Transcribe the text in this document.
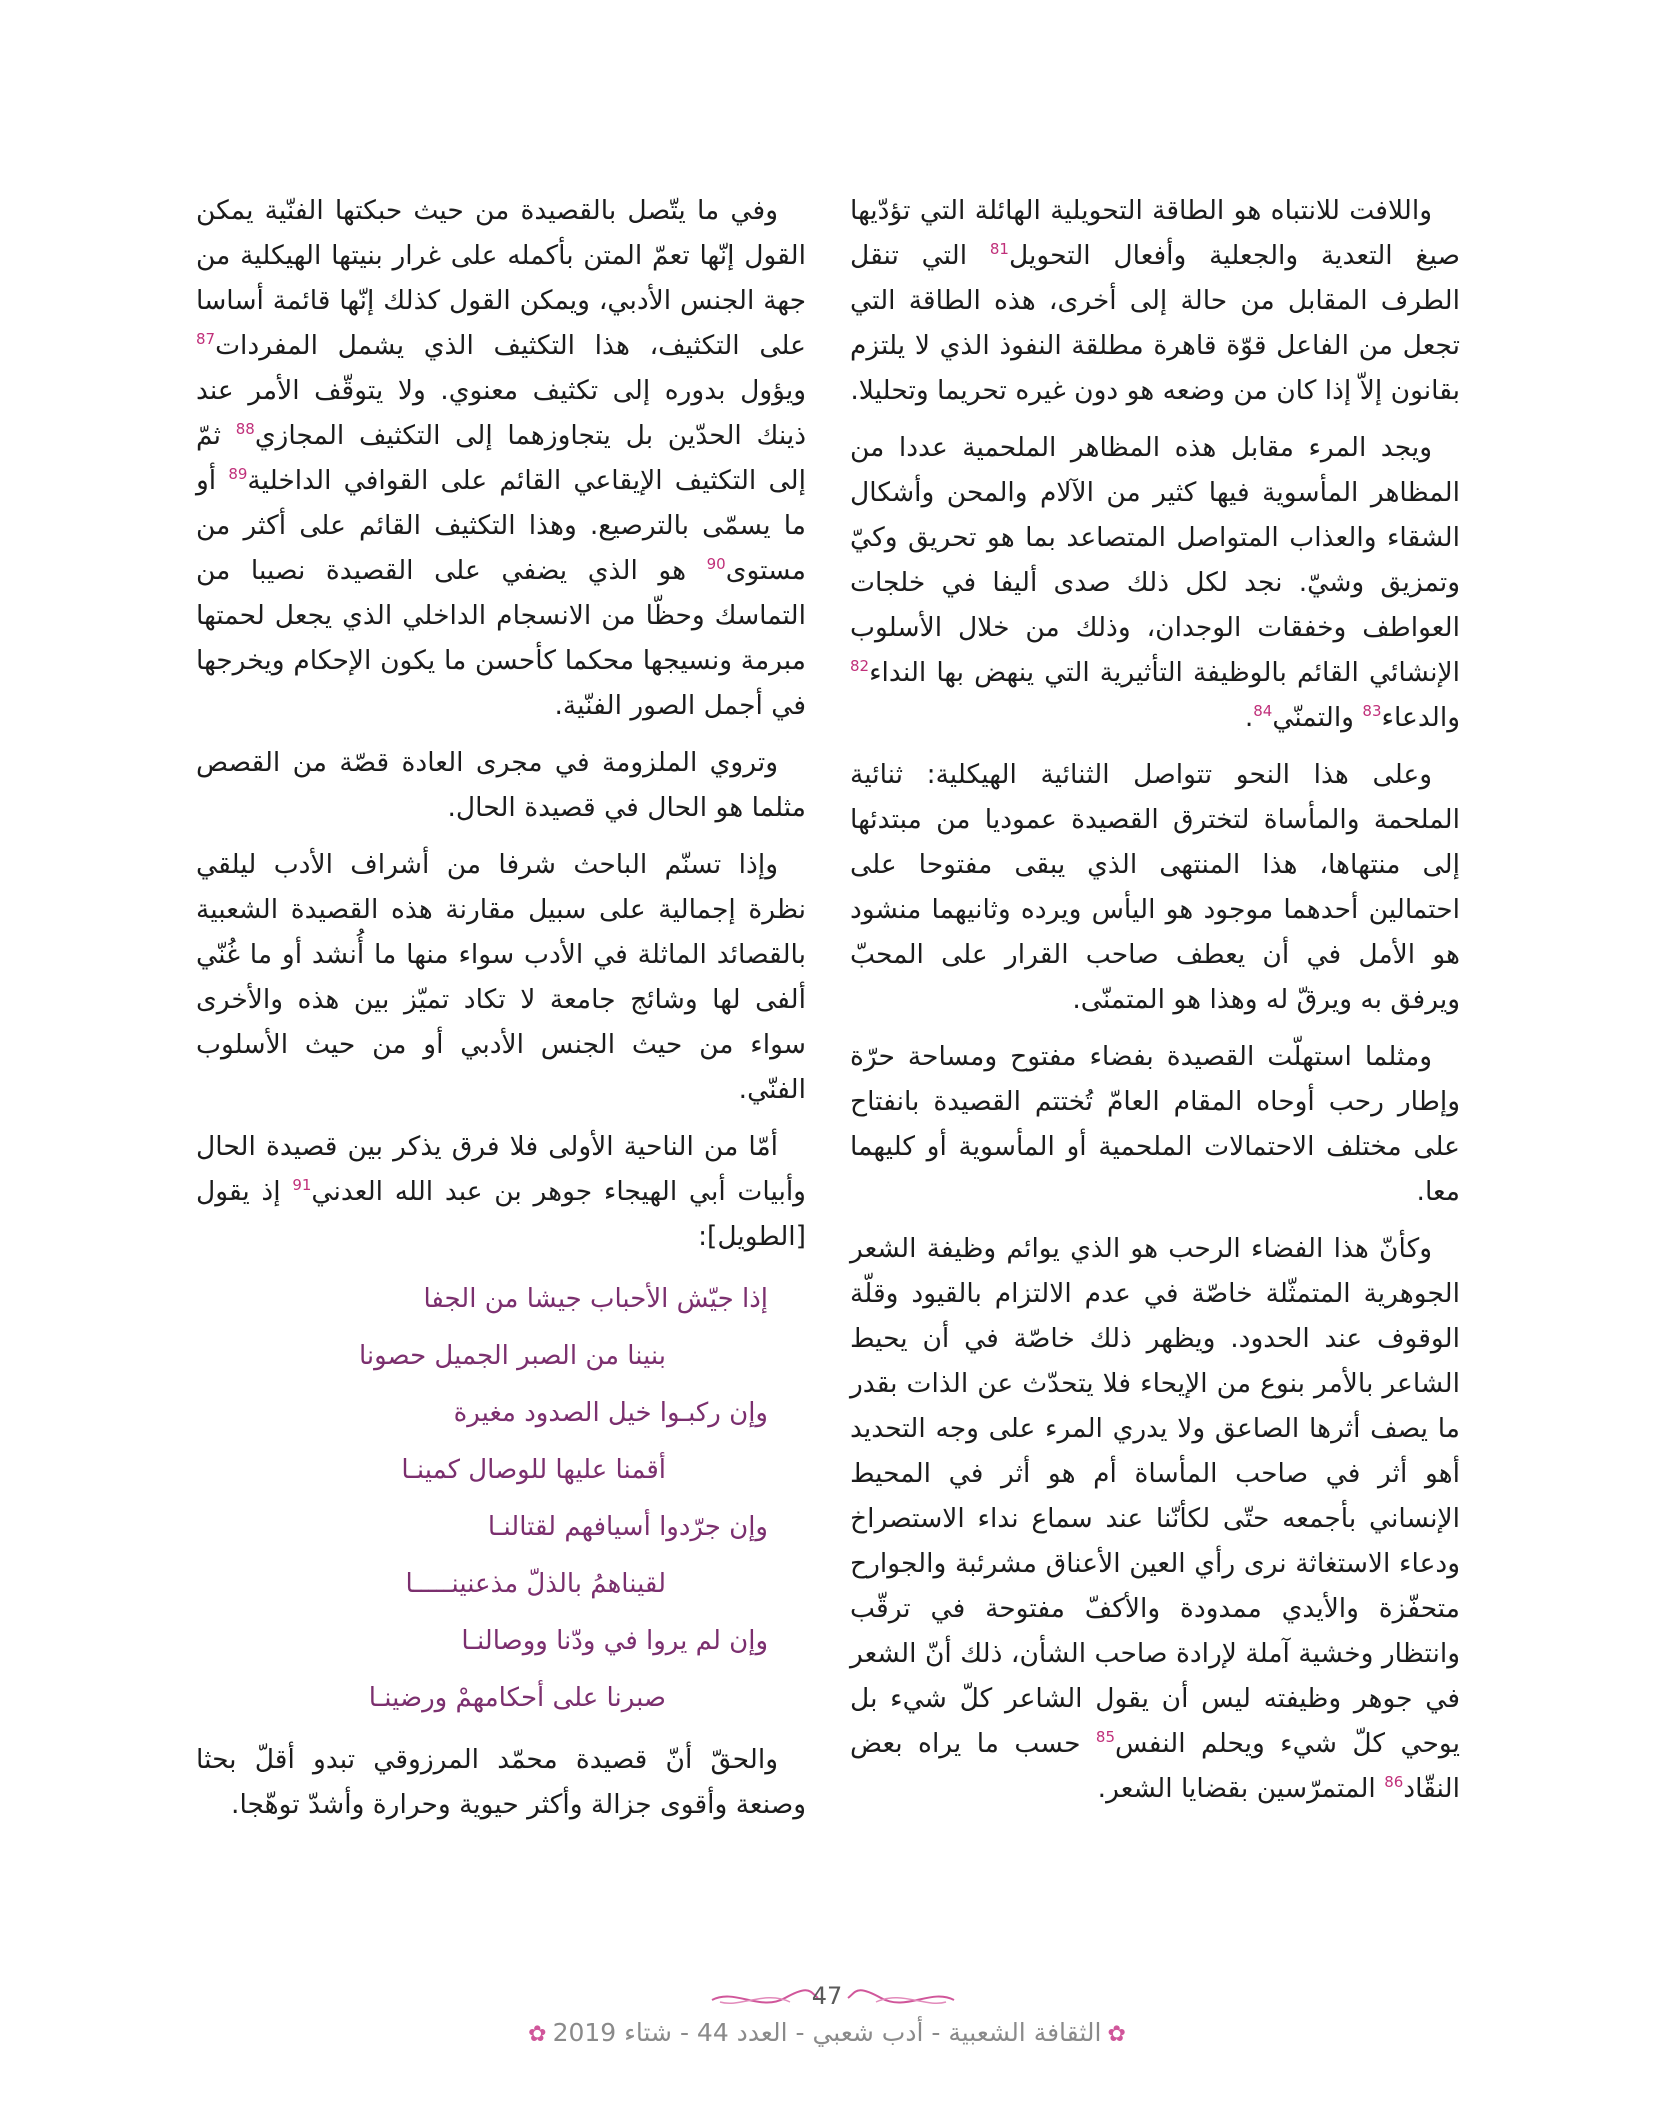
واللافت للانتباه هو الطاقة التحويلية الهائلة التي تؤدّيها صيغ التعدية والجعلية وأفعال التحويل$^{81}$ التي تنقل الطرف المقابل من حالة إلى أخرى، هذه الطاقة التي تجعل من الفاعل قوّة قاهرة مطلقة النفوذ الذي لا يلتزم بقانون إلاّ إذا كان من وضعه هو دون غيره تحريما وتحليلا.

ويجد المرء مقابل هذه المظاهر الملحمية عددا من المظاهر المأسوية فيها كثير من الآلام والمحن وأشكال الشقاء والعذاب المتواصل المتصاعد بما هو تحريق وكيّ وتمزيق وشيّ. نجد لكل ذلك صدى أليفا في خلجات العواطف وخفقات الوجدان، وذلك من خلال الأسلوب الإنشائي القائم بالوظيفة التأثيرية التي ينهض بها النداء$^{82}$ والدعاء$^{83}$ والتمنّي$^{84}$.

وعلى هذا النحو تتواصل الثنائية الهيكلية: ثنائية الملحمة والمأساة لتخترق القصيدة عموديا من مبتدئها إلى منتهاها، هذا المنتهى الذي يبقى مفتوحا على احتمالين أحدهما موجود هو اليأس ويرده وثانيهما منشود هو الأمل في أن يعطف صاحب القرار على المحبّ ويرفق به ويرقّ له وهذا هو المتمنّى.

ومثلما استهلّت القصيدة بفضاء مفتوح ومساحة حرّة وإطار رحب أوحاه المقام العامّ تُختتم القصيدة بانفتاح على مختلف الاحتمالات الملحمية أو المأسوية أو كليهما معا.

وكأنّ هذا الفضاء الرحب هو الذي يوائم وظيفة الشعر الجوهرية المتمثّلة خاصّة في عدم الالتزام بالقيود وقلّة الوقوف عند الحدود. ويظهر ذلك خاصّة في أن يحيط الشاعر بالأمر بنوع من الإيحاء فلا يتحدّث عن الذات بقدر ما يصف أثرها الصاعق ولا يدري المرء على وجه التحديد أهو أثر في صاحب المأساة أم هو أثر في المحيط الإنساني بأجمعه حتّى لكأنّنا عند سماع نداء الاستصراخ ودعاء الاستغاثة نرى رأي العين الأعناق مشرئبة والجوارح متحفّزة والأيدي ممدودة والأكفّ مفتوحة في ترقّب وانتظار وخشية آملة لإرادة صاحب الشأن، ذلك أنّ الشعر في جوهر وظيفته ليس أن يقول الشاعر كلّ شيء بل يوحي كلّ شيء ويحلم النفس$^{85}$ حسب ما يراه بعض النقّاد$^{86}$ المتمرّسين بقضايا الشعر.

وفي ما يتّصل بالقصيدة من حيث حبكتها الفنّية يمكن القول إنّها تعمّ المتن بأكمله على غرار بنيتها الهيكلية من جهة الجنس الأدبي، ويمكن القول كذلك إنّها قائمة أساسا على التكثيف، هذا التكثيف الذي يشمل المفردات$^{87}$ ويؤول بدوره إلى تكثيف معنوي. ولا يتوقّف الأمر عند ذينك الحدّين بل يتجاوزهما إلى التكثيف المجازي$^{88}$ ثمّ إلى التكثيف الإيقاعي القائم على القوافي الداخلية$^{89}$ أو ما يسمّى بالترصيع. وهذا التكثيف القائم على أكثر من مستوى$^{90}$ هو الذي يضفي على القصيدة نصيبا من التماسك وحظّا من الانسجام الداخلي الذي يجعل لحمتها مبرمة ونسيجها محكما كأحسن ما يكون الإحكام ويخرجها في أجمل الصور الفنّية.

وتروي الملزومة في مجرى العادة قصّة من القصص مثلما هو الحال في قصيدة الحال.

وإذا تسنّم الباحث شرفا من أشراف الأدب ليلقي نظرة إجمالية على سبيل مقارنة هذه القصيدة الشعبية بالقصائد الماثلة في الأدب سواء منها ما أُنشد أو ما غُنّي ألفى لها وشائج جامعة لا تكاد تميّز بين هذه والأخرى سواء من حيث الجنس الأدبي أو من حيث الأسلوب الفنّي.

أمّا من الناحية الأولى فلا فرق يذكر بين قصيدة الحال وأبيات أبي الهيجاء جوهر بن عبد الله العدني$^{91}$ إذ يقول [الطويل]:

إذا جيّش الأحباب جيشا من الجفا
بنينا من الصبر الجميل حصونا
وإن ركبـوا خيل الصدود مغيرة
أقمنا عليها للوصال كمينـا
وإن جرّدوا أسيافهم لقتالنـا
لقيناهمُ بالذلّ مذعنينـــــا
وإن لم يروا في ودّنا ووصالنـا
صبرنا على أحكامهمْ ورضينـا

والحقّ أنّ قصيدة محمّد المرزوقي تبدو أقلّ بحثا وصنعة وأقوى جزالة وأكثر حيوية وحرارة وأشدّ توهّجا.

47
✿الثقافة الشعبية - أدب شعبي - العدد 44 - شتاء 2019✿
